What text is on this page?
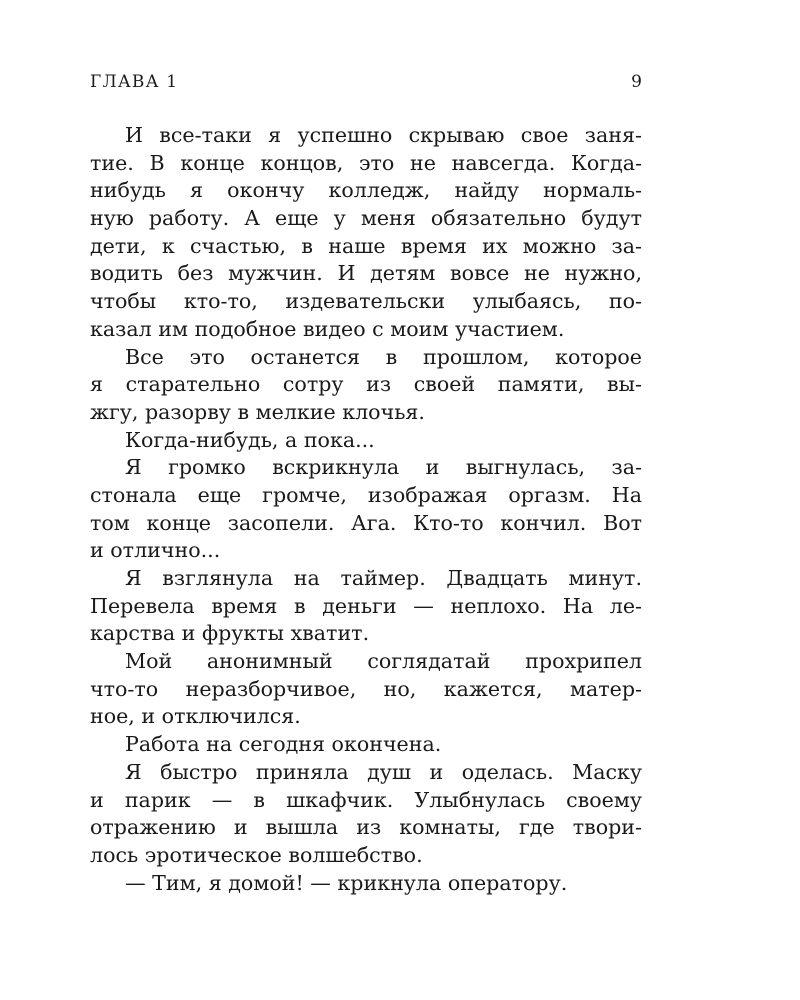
ГЛАВА 1	9
И все-таки я успешно скрываю свое заня-
тие. В конце концов, это не навсегда. Когда-
нибудь я окончу колледж, найду нормаль-
ную работу. А еще у меня обязательно будут
дети, к счастью, в наше время их можно за-
водить без мужчин. И детям вовсе не нужно,
чтобы кто-то, издевательски улыбаясь, по-
казал им подобное видео с моим участием.
Все это останется в прошлом, которое
я старательно сотру из своей памяти, вы-
жгу, разорву в мелкие клочья.
Когда-нибудь, а пока...
Я громко вскрикнула и выгнулась, за-
стонала еще громче, изображая оргазм. На
том конце засопели. Ага. Кто-то кончил. Вот
и отлично...
Я взглянула на таймер. Двадцать минут.
Перевела время в деньги — неплохо. На ле-
карства и фрукты хватит.
Мой анонимный соглядатай прохрипел
что-то неразборчивое, но, кажется, матер-
ное, и отключился.
Работа на сегодня окончена.
Я быстро приняла душ и оделась. Маску
и парик — в шкафчик. Улыбнулась своему
отражению и вышла из комнаты, где твори-
лось эротическое волшебство.
— Тим, я домой! — крикнула оператору.
